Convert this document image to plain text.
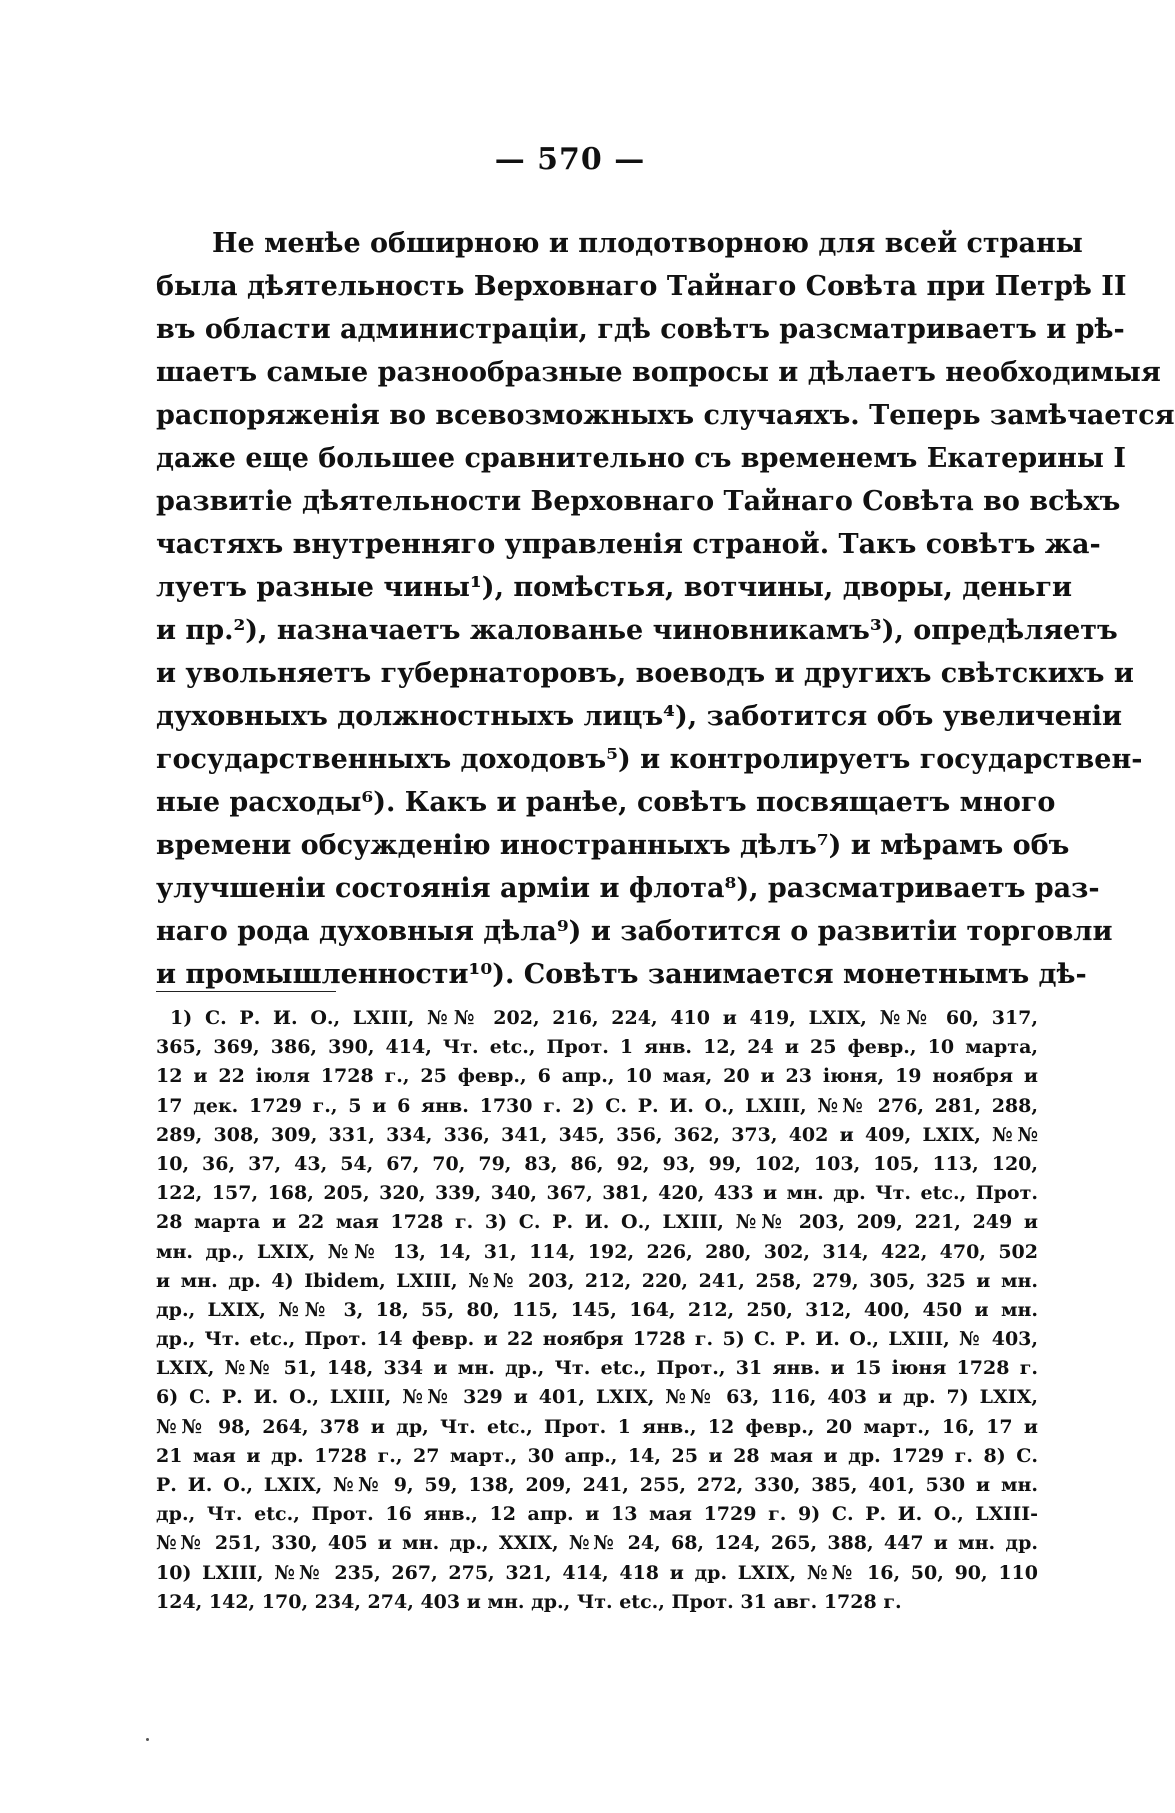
— 570 —
Не менѣе обширною и плодотворною для всей страны
была дѣятельность Верховнаго Тайнаго Совѣта при Петрѣ II
въ области администраціи, гдѣ совѣтъ разсматриваетъ и рѣ-
шаетъ самые разнообразные вопросы и дѣлаетъ необходимыя
распоряженія во всевозможныхъ случаяхъ. Теперь замѣчается
даже еще большее сравнительно съ временемъ Екатерины I
развитіе дѣятельности Верховнаго Тайнаго Совѣта во всѣхъ
частяхъ внутренняго управленія страной. Такъ совѣтъ жа-
луетъ разные чины¹), помѣстья, вотчины, дворы, деньги
и пр.²), назначаетъ жалованье чиновникамъ³), опредѣляетъ
и увольняетъ губернаторовъ, воеводъ и другихъ свѣтскихъ и
духовныхъ должностныхъ лицъ⁴), заботится объ увеличеніи
государственныхъ доходовъ⁵) и контролируетъ государствен-
ные расходы⁶). Какъ и ранѣе, совѣтъ посвящаетъ много
времени обсужденію иностранныхъ дѣлъ⁷) и мѣрамъ объ
улучшеніи состоянія арміи и флота⁸), разсматриваетъ раз-
наго рода духовныя дѣла⁹) и заботится о развитіи торговли
и промышленности¹⁰). Совѣтъ занимается монетнымъ дѣ-
1) С. Р. И. О., LXIII, №№ 202, 216, 224, 410 и 419, LXIX, №№ 60, 317,
365, 369, 386, 390, 414, Чт. etc., Прот. 1 янв. 12, 24 и 25 февр., 10 марта,
12 и 22 іюля 1728 г., 25 февр., 6 апр., 10 мая, 20 и 23 іюня, 19 ноября и
17 дек. 1729 г., 5 и 6 янв. 1730 г. 2) С. Р. И. О., LXIII, №№ 276, 281, 288,
289, 308, 309, 331, 334, 336, 341, 345, 356, 362, 373, 402 и 409, LXIX, №№
10, 36, 37, 43, 54, 67, 70, 79, 83, 86, 92, 93, 99, 102, 103, 105, 113, 120,
122, 157, 168, 205, 320, 339, 340, 367, 381, 420, 433 и мн. др. Чт. etc., Прот.
28 марта и 22 мая 1728 г. 3) С. Р. И. О., LXIII, №№ 203, 209, 221, 249 и
мн. др., LXIX, №№ 13, 14, 31, 114, 192, 226, 280, 302, 314, 422, 470, 502
и мн. др. 4) Ibidem, LXIII, №№ 203, 212, 220, 241, 258, 279, 305, 325 и мн.
др., LXIX, №№ 3, 18, 55, 80, 115, 145, 164, 212, 250, 312, 400, 450 и мн.
др., Чт. etc., Прот. 14 февр. и 22 ноября 1728 г. 5) С. Р. И. О., LXIII, № 403,
LXIX, №№ 51, 148, 334 и мн. др., Чт. etc., Прот., 31 янв. и 15 іюня 1728 г.
6) С. Р. И. О., LXIII, №№ 329 и 401, LXIX, №№ 63, 116, 403 и др. 7) LXIX,
№№ 98, 264, 378 и др, Чт. etc., Прот. 1 янв., 12 февр., 20 март., 16, 17 и
21 мая и др. 1728 г., 27 март., 30 апр., 14, 25 и 28 мая и др. 1729 г. 8) С.
Р. И. О., LXIX, №№ 9, 59, 138, 209, 241, 255, 272, 330, 385, 401, 530 и мн.
др., Чт. etc., Прот. 16 янв., 12 апр. и 13 мая 1729 г. 9) С. Р. И. О., LXIII-
№№ 251, 330, 405 и мн. др., XXIX, №№ 24, 68, 124, 265, 388, 447 и мн. др.
10) LXIII, №№ 235, 267, 275, 321, 414, 418 и др. LXIX, №№ 16, 50, 90, 110
124, 142, 170, 234, 274, 403 и мн. др., Чт. etc., Прот. 31 авг. 1728 г.
